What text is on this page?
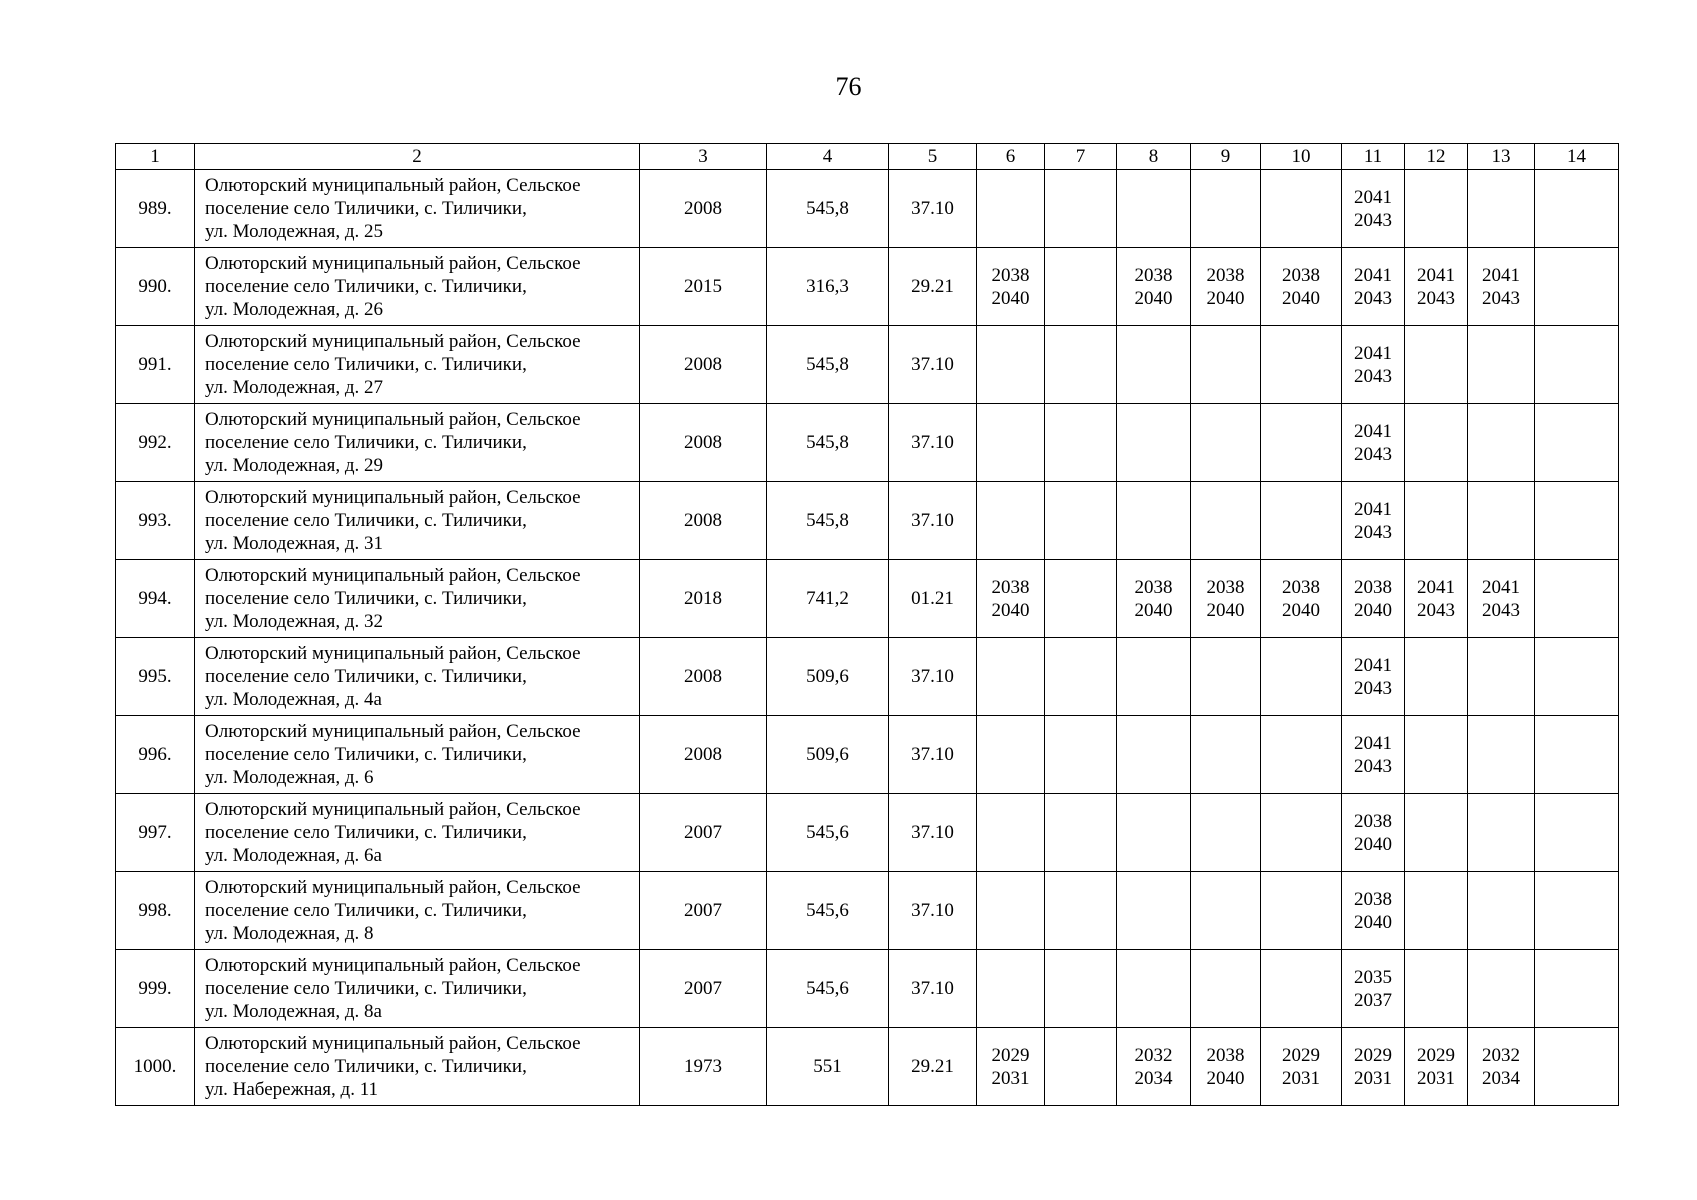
76
1	2	3	4	5	6	7	8	9	10	11	12	13	14
989.	Олюторский муниципальный район, Сельское
поселение село Тиличики, с. Тиличики,
ул. Молодежная, д. 25	2008	545,8	37.10						2041
2043			

990.	Олюторский муниципальный район, Сельское
поселение село Тиличики, с. Тиличики,
ул. Молодежная, д. 26	2015	316,3	29.21	2038
2040		2038
2040	2038
2040	2038
2040	2041
2043	2041
2043	2041
2043	

991.	Олюторский муниципальный район, Сельское
поселение село Тиличики, с. Тиличики,
ул. Молодежная, д. 27	2008	545,8	37.10						2041
2043			

992.	Олюторский муниципальный район, Сельское
поселение село Тиличики, с. Тиличики,
ул. Молодежная, д. 29	2008	545,8	37.10						2041
2043			

993.	Олюторский муниципальный район, Сельское
поселение село Тиличики, с. Тиличики,
ул. Молодежная, д. 31	2008	545,8	37.10						2041
2043			

994.	Олюторский муниципальный район, Сельское
поселение село Тиличики, с. Тиличики,
ул. Молодежная, д. 32	2018	741,2	01.21	2038
2040		2038
2040	2038
2040	2038
2040	2038
2040	2041
2043	2041
2043	

995.	Олюторский муниципальный район, Сельское
поселение село Тиличики, с. Тиличики,
ул. Молодежная, д. 4а	2008	509,6	37.10						2041
2043			

996.	Олюторский муниципальный район, Сельское
поселение село Тиличики, с. Тиличики,
ул. Молодежная, д. 6	2008	509,6	37.10						2041
2043			

997.	Олюторский муниципальный район, Сельское
поселение село Тиличики, с. Тиличики,
ул. Молодежная, д. 6а	2007	545,6	37.10						2038
2040			

998.	Олюторский муниципальный район, Сельское
поселение село Тиличики, с. Тиличики,
ул. Молодежная, д. 8	2007	545,6	37.10						2038
2040			

999.	Олюторский муниципальный район, Сельское
поселение село Тиличики, с. Тиличики,
ул. Молодежная, д. 8а	2007	545,6	37.10						2035
2037			

1000.	Олюторский муниципальный район, Сельское
поселение село Тиличики, с. Тиличики,
ул. Набережная, д. 11	1973	551	29.21	2029
2031		2032
2034	2038
2040	2029
2031	2029
2031	2029
2031	2032
2034	
